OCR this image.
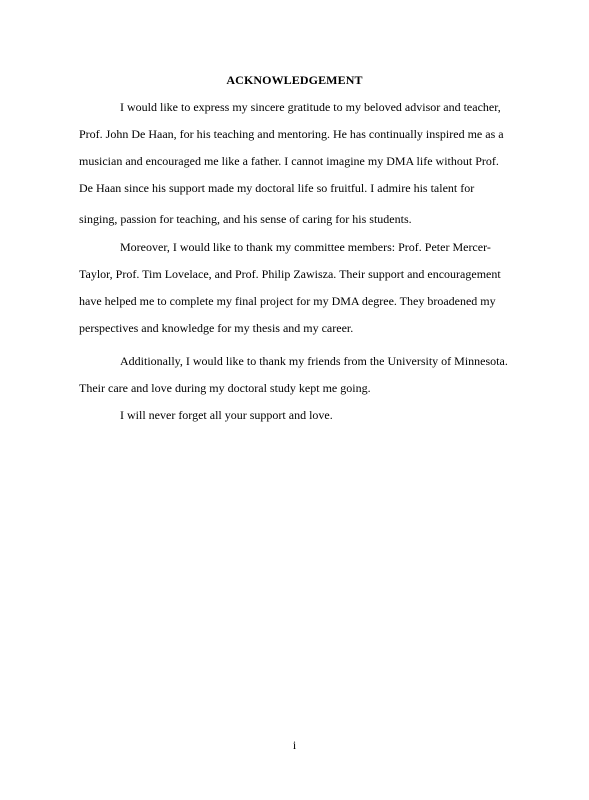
ACKNOWLEDGEMENT
I would like to express my sincere gratitude to my beloved advisor and teacher,
Prof. John De Haan, for his teaching and mentoring. He has continually inspired me as a
musician and encouraged me like a father. I cannot imagine my DMA life without Prof.
De Haan since his support made my doctoral life so fruitful. I admire his talent for
singing, passion for teaching, and his sense of caring for his students.
Moreover, I would like to thank my committee members: Prof. Peter Mercer-
Taylor, Prof. Tim Lovelace, and Prof. Philip Zawisza. Their support and encouragement
have helped me to complete my final project for my DMA degree. They broadened my
perspectives and knowledge for my thesis and my career.
Additionally, I would like to thank my friends from the University of Minnesota.
Their care and love during my doctoral study kept me going.
I will never forget all your support and love.
i
